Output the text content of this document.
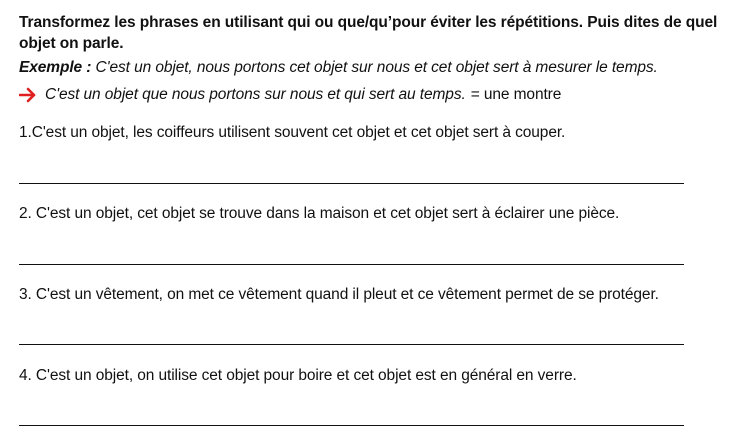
Transformez les phrases en utilisant qui ou que/qu’pour éviter les répétitions. Puis dites de quel objet on parle.
Exemple : C'est un objet, nous portons cet objet sur nous et cet objet sert à mesurer le temps.
C'est un objet que nous portons sur nous et qui sert au temps. = une montre
1.C'est un objet, les coiffeurs utilisent souvent cet objet et cet objet sert à couper.
2. C'est un objet, cet objet se trouve dans la maison et cet objet sert à éclairer une pièce.
3. C'est un vêtement, on met ce vêtement quand il pleut et ce vêtement permet de se protéger.
4. C'est un objet, on utilise cet objet pour boire et cet objet est en général en verre.
